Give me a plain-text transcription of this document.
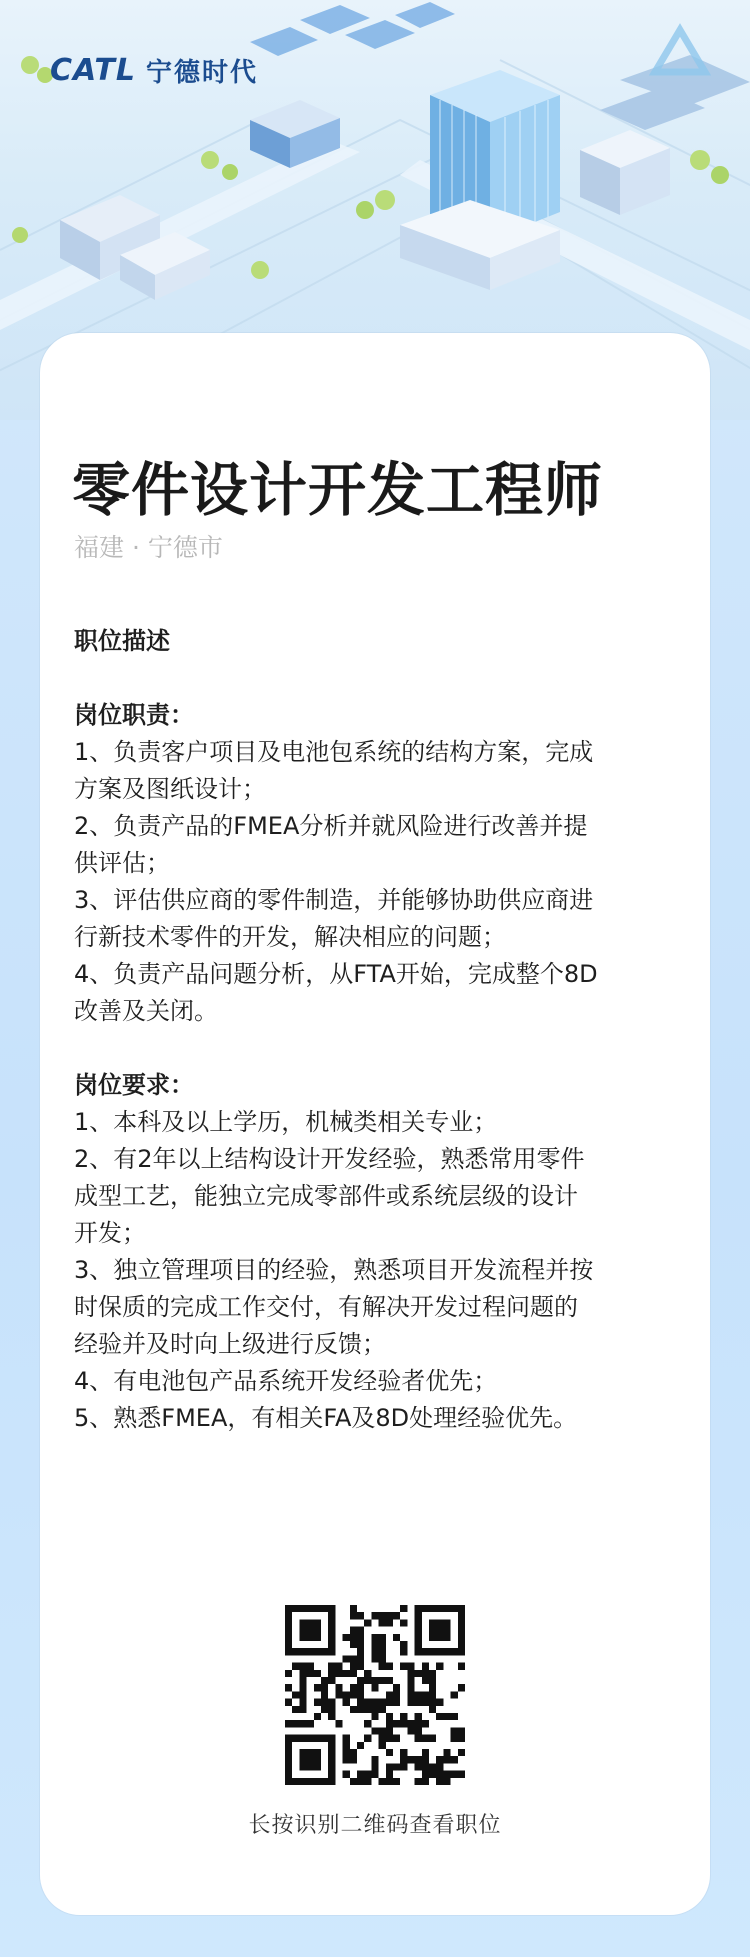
CATL 宁德时代
零件设计开发工程师
福建 · 宁德市

职位描述

岗位职责：

1、负责客户项目及电池包系统的结构方案，完成

方案及图纸设计；

2、负责产品的FMEA分析并就风险进行改善并提

供评估；

3、评估供应商的零件制造，并能够协助供应商进

行新技术零件的开发，解决相应的问题；

4、负责产品问题分析，从FTA开始，完成整个8D

改善及关闭。

岗位要求：

1、本科及以上学历，机械类相关专业；

2、有2年以上结构设计开发经验，熟悉常用零件

成型工艺，能独立完成零部件或系统层级的设计

开发；

3、独立管理项目的经验，熟悉项目开发流程并按

时保质的完成工作交付，有解决开发过程问题的

经验并及时向上级进行反馈；

4、有电池包产品系统开发经验者优先；

5、熟悉FMEA，有相关FA及8D处理经验优先。

长按识别二维码查看职位
